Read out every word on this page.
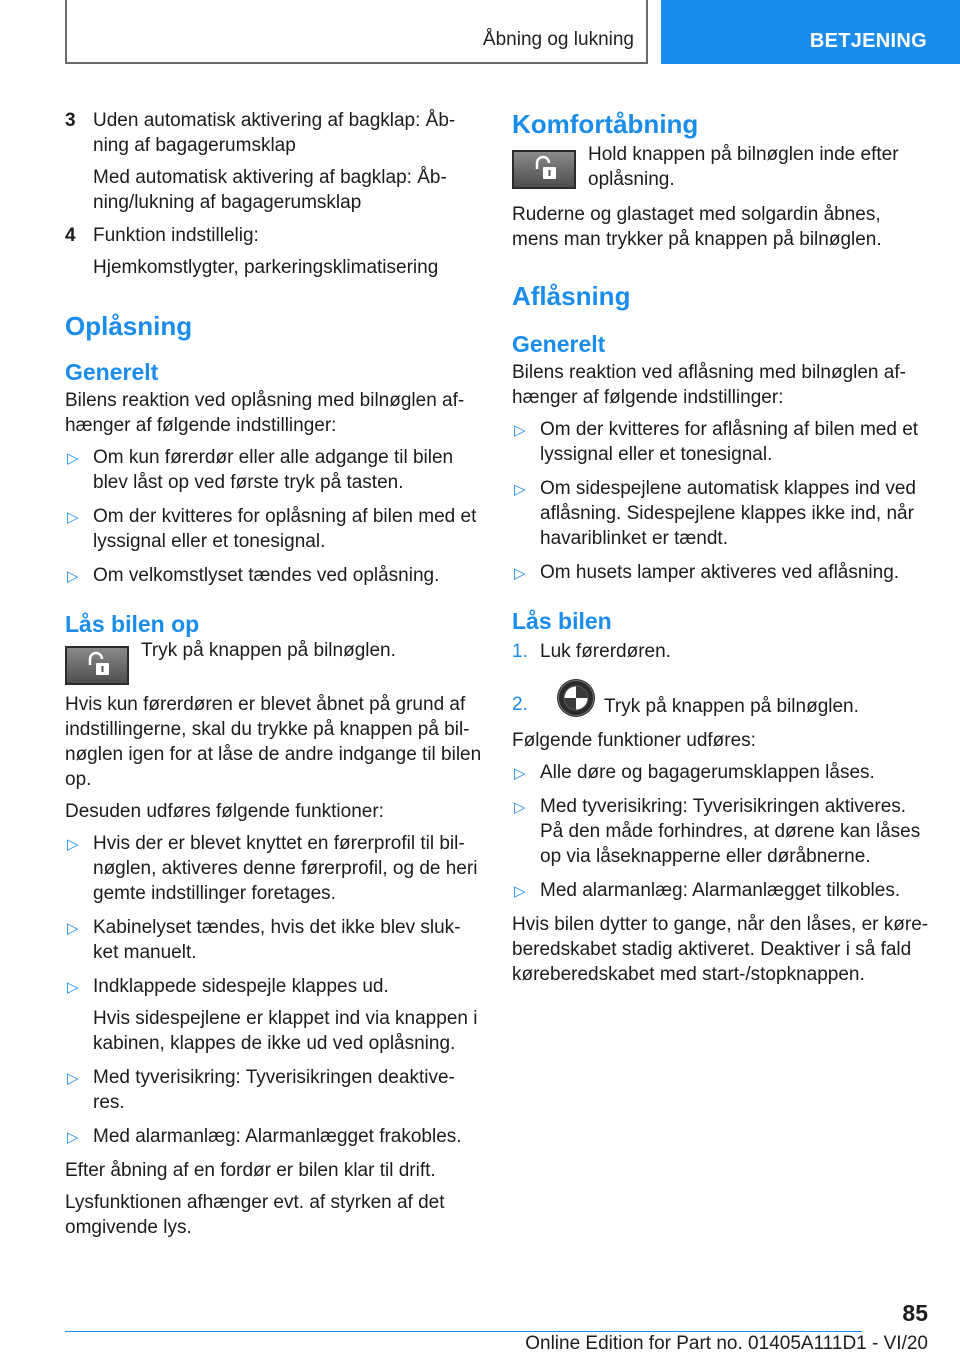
Åbning og lukning	BETJENING
3 Uden automatisk aktivering af bagklap: Åb‐ ning af bagagerumsklap

Med automatisk aktivering af bagklap: Åb‐ ning/lukning af bagagerumsklap

4 Funktion indstillelig:

Hjemkomstlygter, parkeringsklimatisering

Oplåsning
Generelt

Bilens reaktion ved oplåsning med bilnøglen af‐ hænger af følgende indstillinger:

▷ Om kun førerdør eller alle adgange til bilen blev låst op ved første tryk på tasten.

▷ Om der kvitteres for oplåsning af bilen med et lyssignal eller et tonesignal.

▷ Om velkomstlyset tændes ved oplåsning.

Lås bilen op

Tryk på knappen på bilnøglen.

Hvis kun førerdøren er blevet åbnet på grund af indstillingerne, skal du trykke på knappen på bil‐ nøglen igen for at låse de andre indgange til bilen op.

Desuden udføres følgende funktioner:

▷ Hvis der er blevet knyttet en førerprofil til bil‐ nøglen, aktiveres denne førerprofil, og de heri gemte indstillinger foretages.

▷ Kabinelyset tændes, hvis det ikke blev sluk‐ ket manuelt.

▷ Indklappede sidespejle klappes ud.

Hvis sidespejlene er klappet ind via knappen i kabinen, klappes de ikke ud ved oplåsning.

▷ Med tyverisikring: Tyverisikringen deaktive‐ res.

▷ Med alarmanlæg: Alarmanlægget frakobles.

Efter åbning af en fordør er bilen klar til drift.

Lysfunktionen afhænger evt. af styrken af det omgivende lys.

Komfortåbning

Hold knappen på bilnøglen inde efter oplåsning.

Ruderne og glastaget med solgardin åbnes, mens man trykker på knappen på bilnøglen.

Aflåsning
Generelt

Bilens reaktion ved aflåsning med bilnøglen af‐ hænger af følgende indstillinger:

▷ Om der kvitteres for aflåsning af bilen med et lyssignal eller et tonesignal.

▷ Om sidespejlene automatisk klappes ind ved aflåsning. Sidespejlene klappes ikke ind, når havariblinket er tændt.

▷ Om husets lamper aktiveres ved aflåsning.

Lås bilen
1. Luk førerdøren.

2.	Tryk på knappen på bilnøglen.

Følgende funktioner udføres:

▷ Alle døre og bagagerumsklappen låses.

▷ Med tyverisikring: Tyverisikringen aktiveres. På den måde forhindres, at dørene kan låses op via låseknapperne eller døråbnerne.

▷ Med alarmanlæg: Alarmanlægget tilkobles.

Hvis bilen dytter to gange, når den låses, er køre‐ beredskabet stadig aktiveret. Deaktiver i så fald køreberedskabet med start-/stopknappen.

85
Online Edition for Part no. 01405A111D1 - VI/20
